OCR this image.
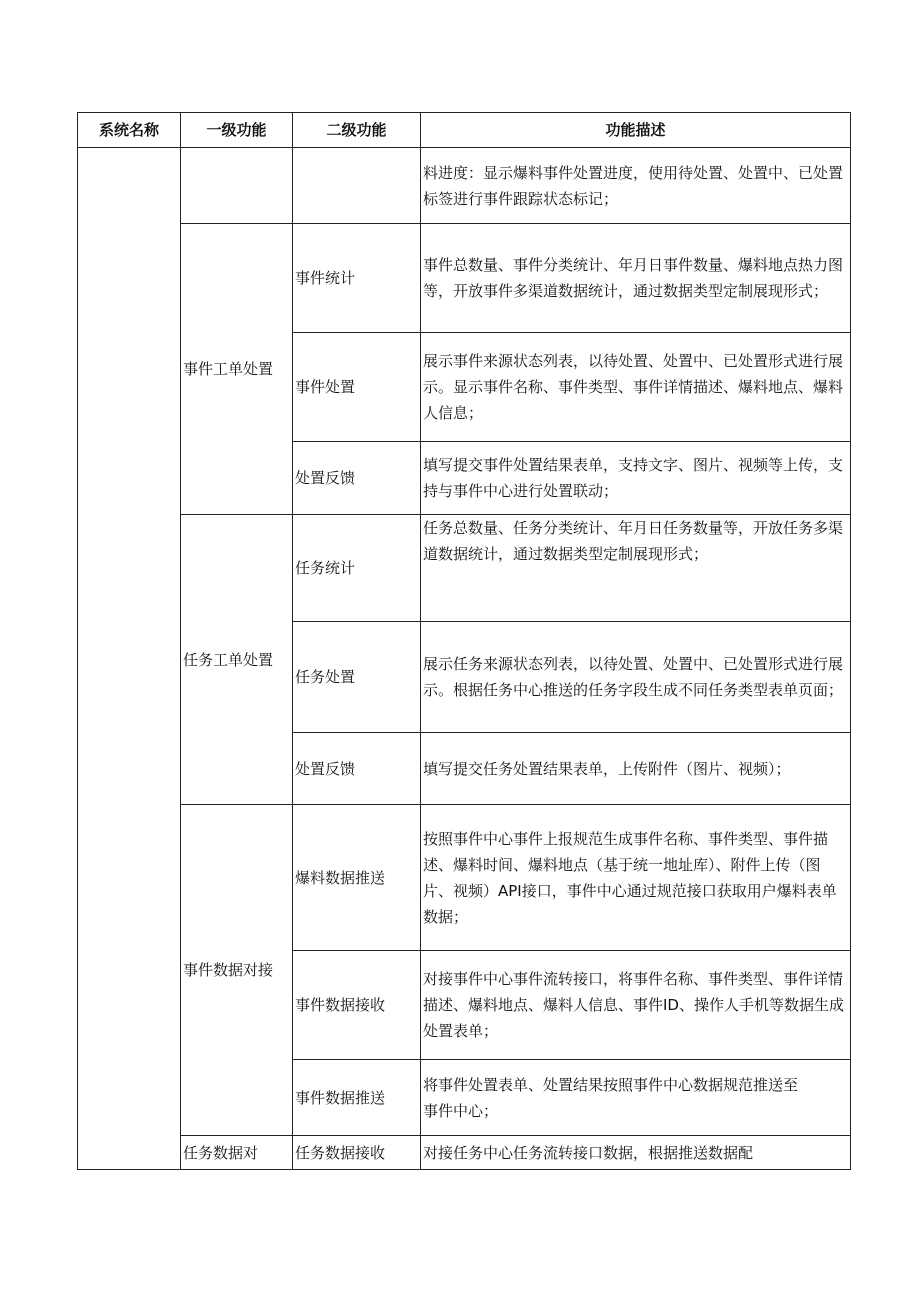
系统名称	一级功能	二级功能	功能描述
			料进度：显示爆料事件处置进度，使用待处置、处置中、已处置标签进行事件跟踪状态标记；
	事件工单处置	事件统计	事件总数量、事件分类统计、年月日事件数量、爆料地点热力图等，开放事件多渠道数据统计，通过数据类型定制展现形式；
		事件处置	展示事件来源状态列表，以待处置、处置中、已处置形式进行展示。显示事件名称、事件类型、事件详情描述、爆料地点、爆料人信息；
		处置反馈	填写提交事件处置结果表单，支持文字、图片、视频等上传，支持与事件中心进行处置联动；
	任务工单处置	任务统计	任务总数量、任务分类统计、年月日任务数量等，开放任务多渠道数据统计，通过数据类型定制展现形式；
		任务处置	展示任务来源状态列表，以待处置、处置中、已处置形式进行展示。根据任务中心推送的任务字段生成不同任务类型表单页面；
		处置反馈	填写提交任务处置结果表单，上传附件（图片、视频）；
	事件数据对接	爆料数据推送	按照事件中心事件上报规范生成事件名称、事件类型、事件描述、爆料时间、爆料地点（基于统一地址库）、附件上传（图片、视频）API接口，事件中心通过规范接口获取用户爆料表单数据；
		事件数据接收	对接事件中心事件流转接口，将事件名称、事件类型、事件详情描述、爆料地点、爆料人信息、事件ID、操作人手机等数据生成处置表单；
		事件数据推送	将事件处置表单、处置结果按照事件中心数据规范推送至事件中心；
	任务数据对	任务数据接收	对接任务中心任务流转接口数据，根据推送数据配
